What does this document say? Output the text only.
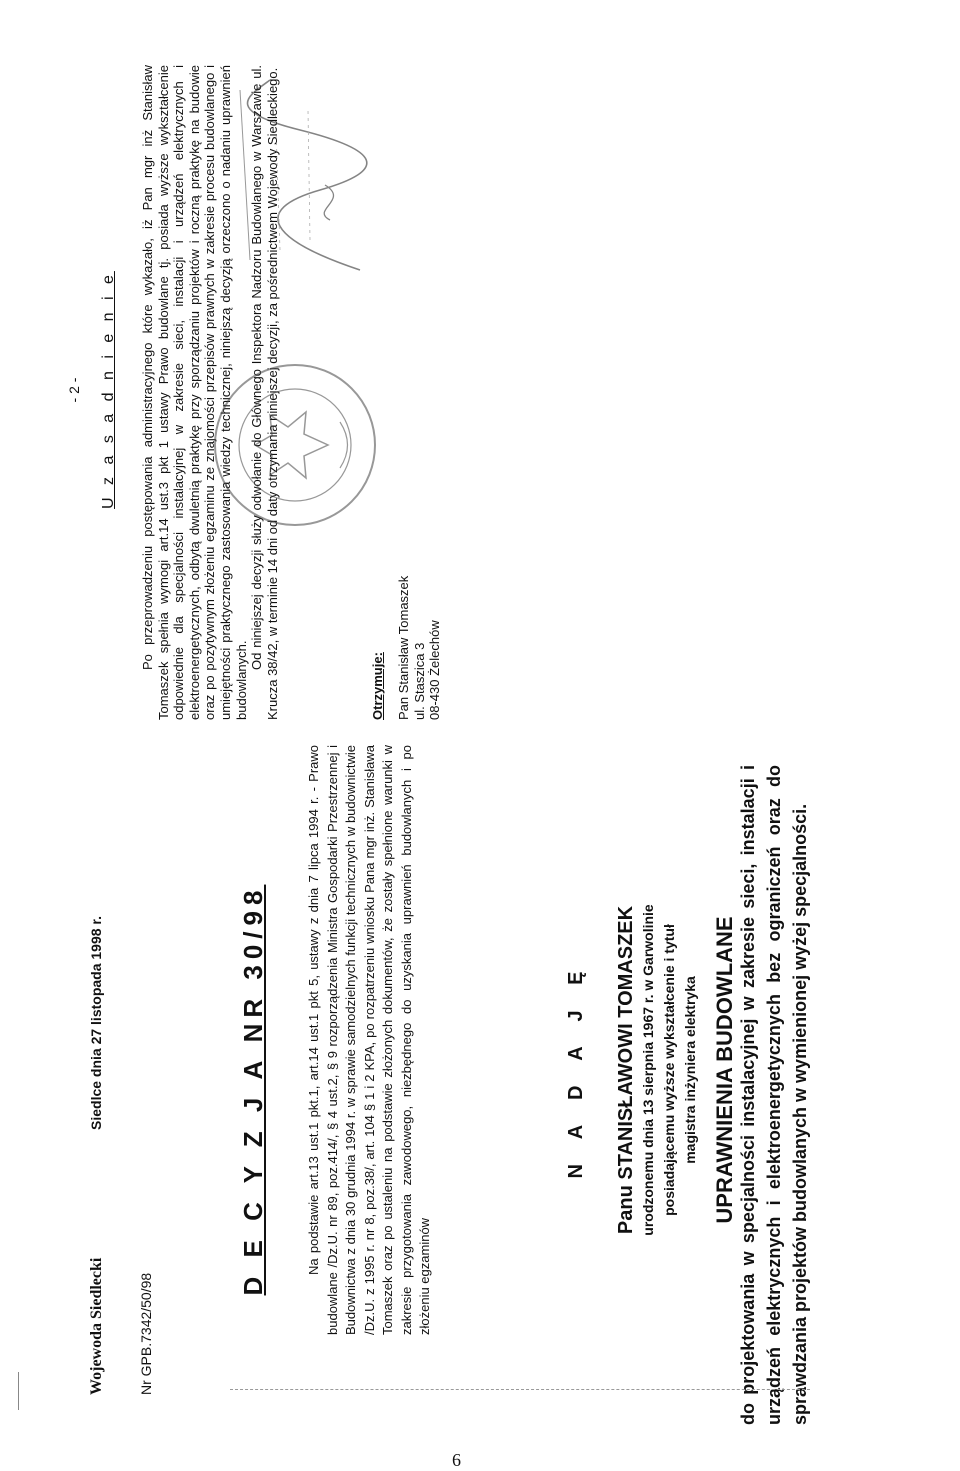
Wojewoda Siedlecki Nr GPB.7342/50/98
Siedlce dnia 27 listopada 1998 r.	D E C Y Z J A NR 30/98	Na podstawie art.13 ust.1 pkt.1, art.14 ust.1 pkt 5, ustawy z dnia 7 lipca 1994 r. - Prawo budowlane /Dz.U. nr 89, poz.414/, § 4 ust.2, § 9 rozporządzenia Ministra Gospodarki Przestrzennej i Budownictwa z dnia 30 grudnia 1994 r. w sprawie samodzielnych funkcji technicznych w budownictwie /Dz.U. z 1995 r. nr 8, poz.38/, art. 104 § 1 i 2 KPA, po rozpatrzeniu wniosku Pana mgr inż. Stanisława Tomaszek oraz po ustaleniu na podstawie złożonych dokumentów, że zostały spełnione warunki w zakresie przygotowania zawodowego, niezbędnego do uzyskania uprawnień budowlanych i po złożeniu egzaminów
N A D A J Ę Panu STANISŁAWOWI TOMASZEK urodzonemu dnia 13 sierpnia 1967 r. w Garwolinie posiadającemu wyższe wykształcenie i tytuł magistra inżyniera elektryka UPRAWNIENIA BUDOWLANE do projektowania w specjalności instalacyjnej w zakresie sieci, instalacji i urządzeń elektrycznych i elektroenergetycznych bez ograniczeń oraz do sprawdzania projektów budowlanych w wymienionej wyżej specjalności.
- 2 - U z a s a d n i e n i e Po przeprowadzeniu postępowania administracyjnego które wykazało, iż Pan mgr inż Stanisław Tomaszek spełnia wymogi art.14 ust.3 pkt 1 ustawy Prawo budowlane tj. posiada wyższe wykształcenie odpowiednie dla specjalności instalacyjnej w zakresie sieci, instalacji i urządzeń elektrycznych i elektroenergetycznych, odbytą dwuletnią praktykę przy sporządzaniu projektów i roczną praktykę na budowie oraz po pozytywnym złożeniu egzaminu ze znajomości przepisów prawnych w zakresie procesu budowlanego i umiejętności praktycznego zastosowania wiedzy technicznej, niniejszą decyzją orzeczono o nadaniu uprawnień budowlanych.

Od niniejszej decyzji służy odwołanie do Głównego Inspektora Nadzoru Budowlanego w Warszawie ul. Krucza 38/42, w terminie 14 dni od daty otrzymania niniejszej decyzji, za pośrednictwem Wojewody Siedleckiego.	Otrzymuje: Pan Stanisław Tomaszek ul. Staszica 3 08-430 Żelechów
6
